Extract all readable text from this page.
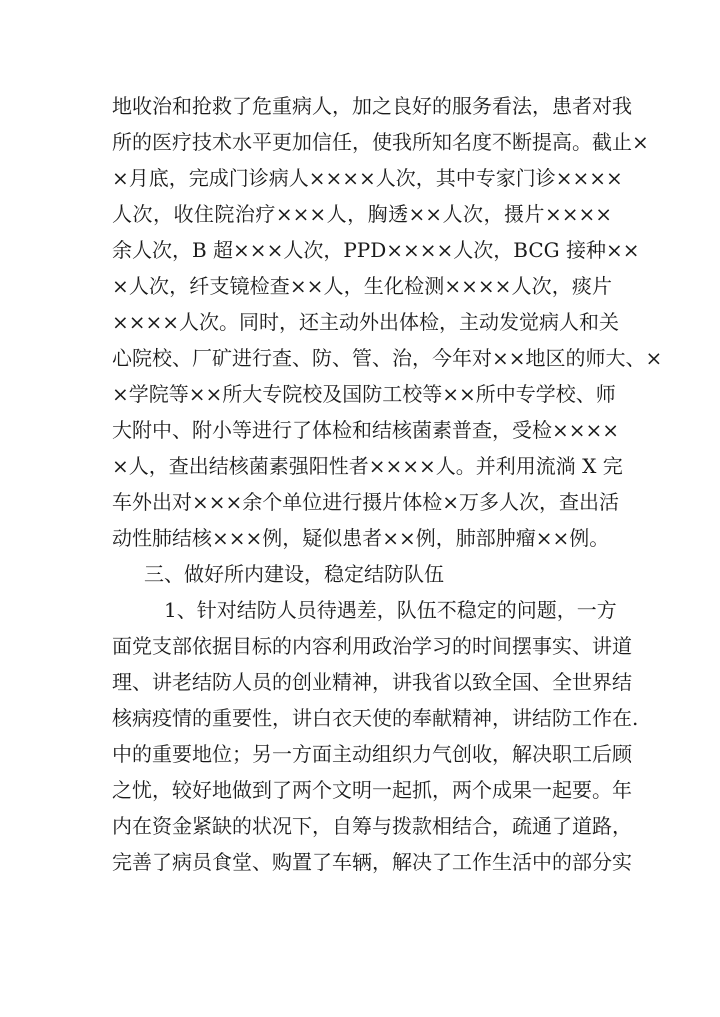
地收治和抢救了危重病人，加之良好的服务看法，患者对我
所的医疗技术水平更加信任，使我所知名度不断提高。截止×
×月底，完成门诊病人××××人次，其中专家门诊××××
人次，收住院治疗×××人，胸透××人次，摄片××××
余人次，B 超×××人次，PPD××××人次，BCG 接种××
×人次，纤支镜检查××人，生化检测××××人次，痰片
××××人次。同时，还主动外出体检，主动发觉病人和关
心院校、厂矿进行查、防、管、治，今年对××地区的师大、×
×学院等××所大专院校及国防工校等××所中专学校、师
大附中、附小等进行了体检和结核菌素普查，受检××××
×人，查出结核菌素强阳性者××××人。并利用流淌 X 完
车外出对×××余个单位进行摄片体检×万多人次，查出活
动性肺结核×××例，疑似患者××例，肺部肿瘤××例。
三、做好所内建设，稳定结防队伍
1、针对结防人员待遇差，队伍不稳定的问题，一方
面党支部依据目标的内容利用政治学习的时间摆事实、讲道
理、讲老结防人员的创业精神，讲我省以致全国、全世界结
核病疫情的重要性，讲白衣天使的奉献精神，讲结防工作在.
中的重要地位；另一方面主动组织力气创收，解决职工后顾
之忧，较好地做到了两个文明一起抓，两个成果一起要。年
内在资金紧缺的状况下，自筹与拨款相结合，疏通了道路，
完善了病员食堂、购置了车辆，解决了工作生活中的部分实
